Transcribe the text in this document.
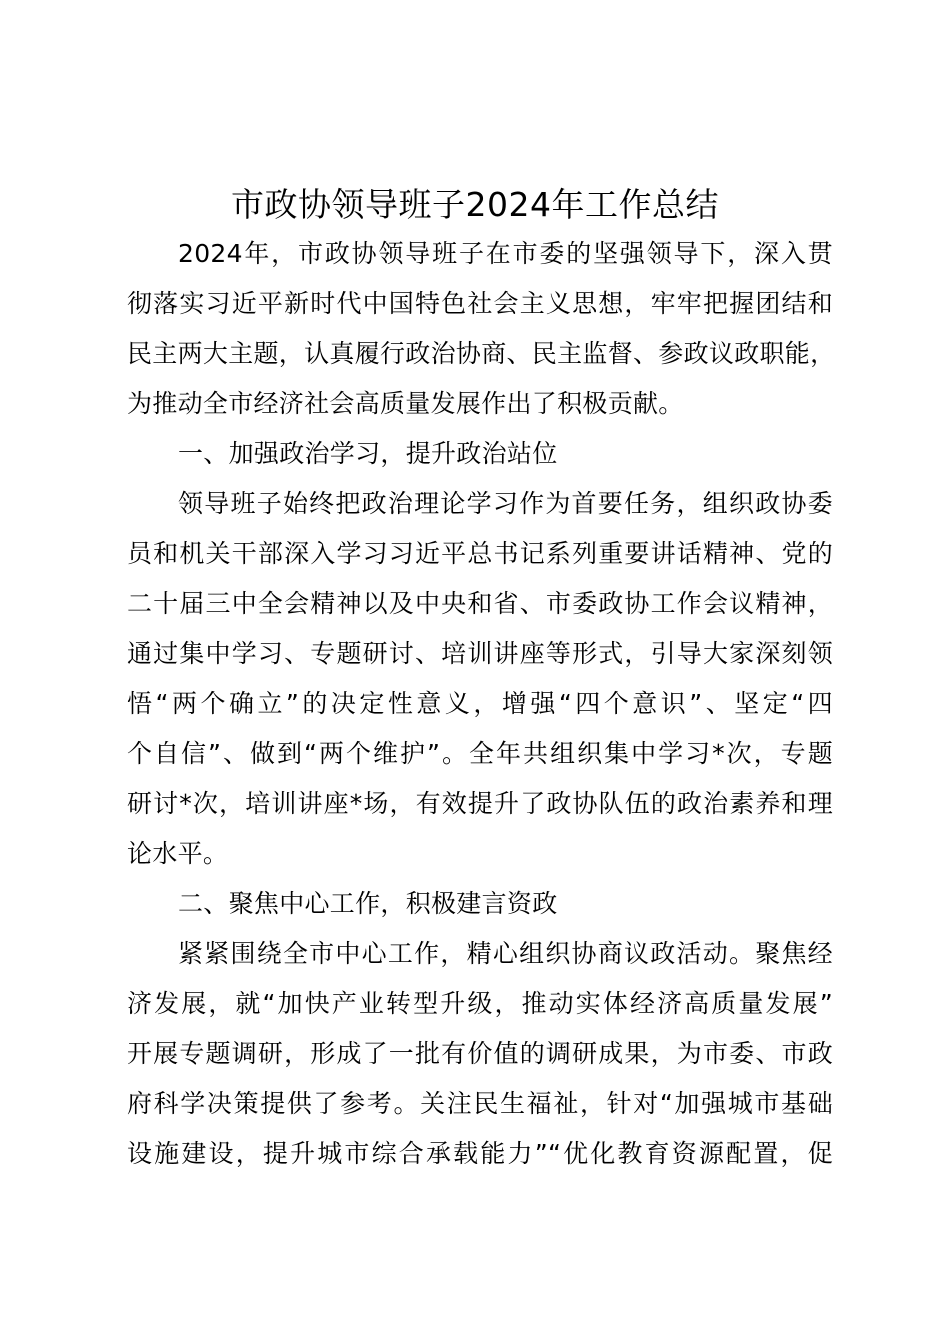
市政协领导班子2024年工作总结
2024年，市政协领导班子在市委的坚强领导下，深入贯
彻落实习近平新时代中国特色社会主义思想，牢牢把握团结和
民主两大主题，认真履行政治协商、民主监督、参政议政职能，
为推动全市经济社会高质量发展作出了积极贡献。
一、加强政治学习，提升政治站位
领导班子始终把政治理论学习作为首要任务，组织政协委
员和机关干部深入学习习近平总书记系列重要讲话精神、党的
二十届三中全会精神以及中央和省、市委政协工作会议精神，
通过集中学习、专题研讨、培训讲座等形式，引导大家深刻领
悟“两个确立”的决定性意义，增强“四个意识”、坚定“四
个自信”、做到“两个维护”。全年共组织集中学习*次，专题
研讨*次，培训讲座*场，有效提升了政协队伍的政治素养和理
论水平。
二、聚焦中心工作，积极建言资政
紧紧围绕全市中心工作，精心组织协商议政活动。聚焦经
济发展，就“加快产业转型升级，推动实体经济高质量发展”
开展专题调研，形成了一批有价值的调研成果，为市委、市政
府科学决策提供了参考。关注民生福祉，针对“加强城市基础
设施建设，提升城市综合承载能力”“优化教育资源配置，促
